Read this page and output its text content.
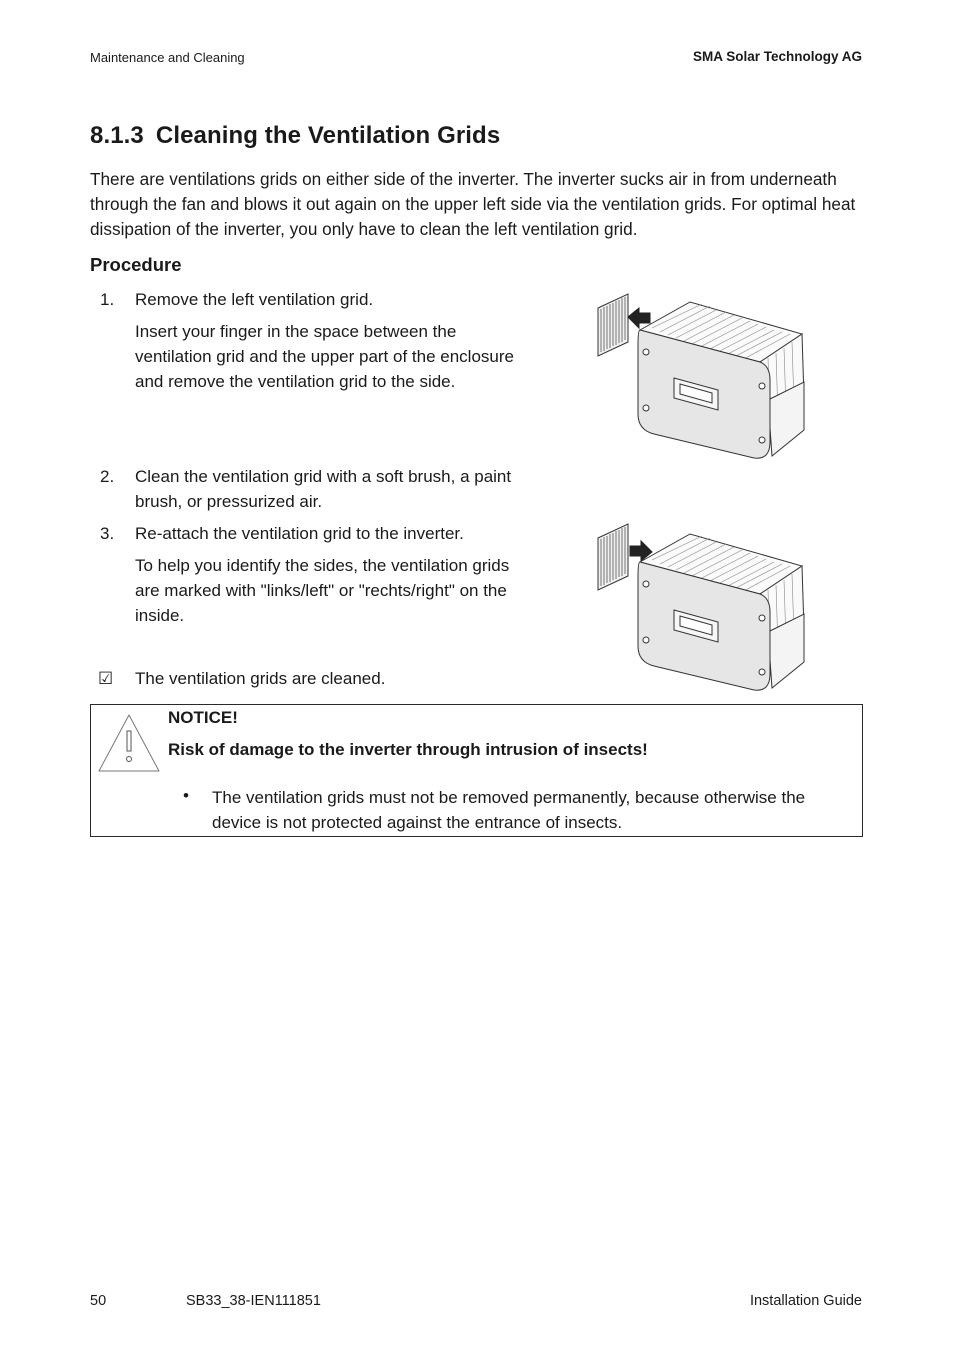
Maintenance and Cleaning	SMA Solar Technology AG
8.1.3 Cleaning the Ventilation Grids

There are ventilations grids on either side of the inverter. The inverter sucks air in from underneath through the fan and blows it out again on the upper left side via the ventilation grids. For optimal heat dissipation of the inverter, you only have to clean the left ventilation grid.

Procedure
1. Remove the left ventilation grid.

Insert your finger in the space between the ventilation grid and the upper part of the enclosure and remove the ventilation grid to the side.

2. Clean the ventilation grid with a soft brush, a paint brush, or pressurized air.
3. Re-attach the ventilation grid to the inverter.

To help you identify the sides, the ventilation grids are marked with "links/left" or "rechts/right" on the inside.

☑ The ventilation grids are cleaned.
NOTICE!
Risk of damage to the inverter through intrusion of insects!
• The ventilation grids must not be removed permanently, because otherwise the device is not protected against the entrance of insects.
50	SB33_38-IEN111851	Installation Guide
